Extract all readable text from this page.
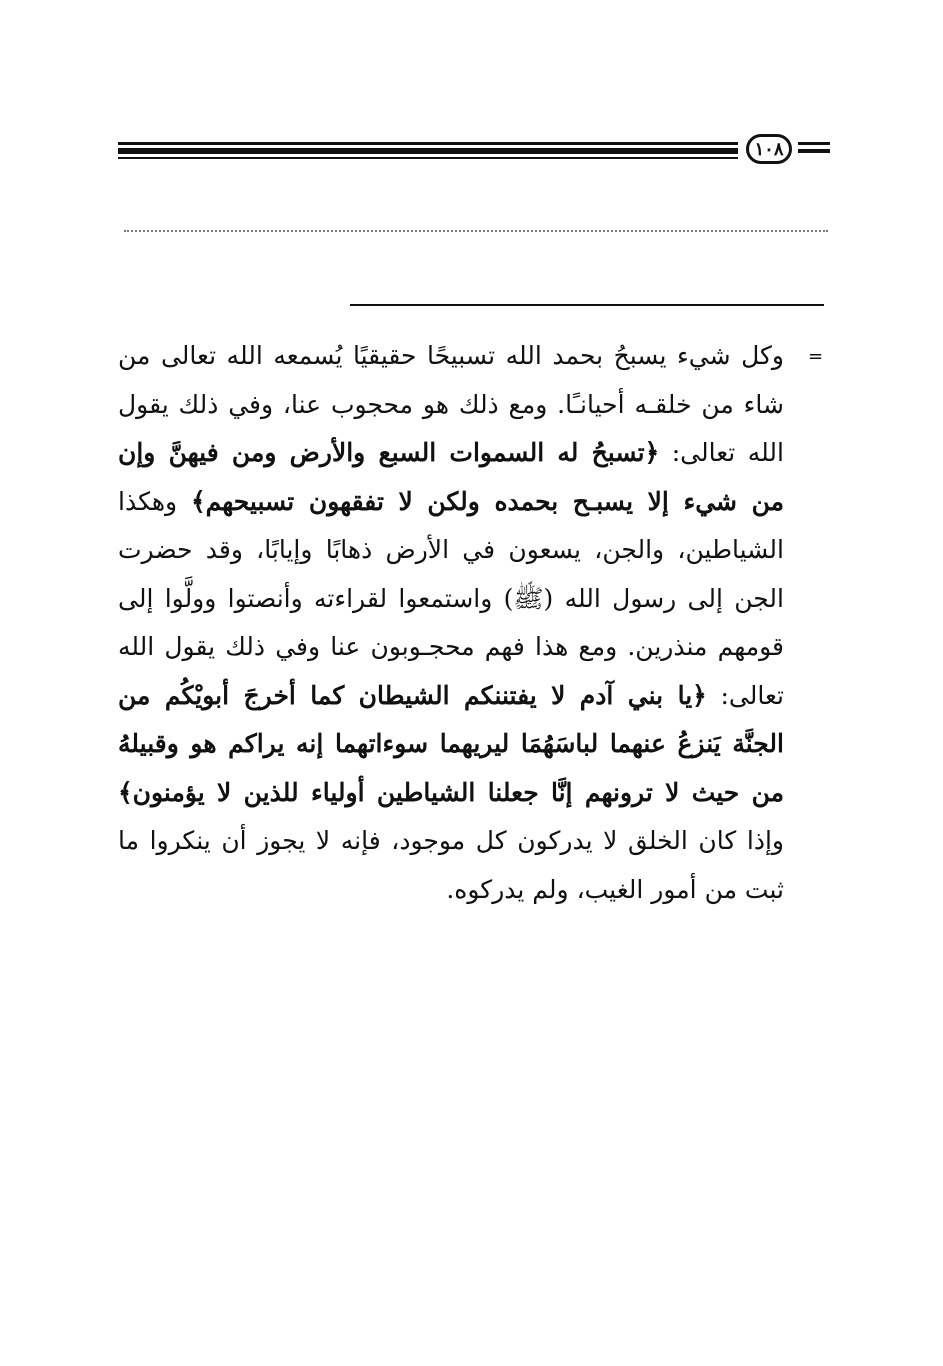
١٠٨
=
وكل شيء يسبحُ بحمد الله تسبيحًا حقيقيًا يُسمعه الله تعالى من شاء من خلقـه أحيانـًا. ومع ذلك هو محجوب عنا، وفي ذلك يقول الله تعالى: ﴿تسبحُ له السموات السبع والأرض ومن فيهنَّ وإن من شيء إلا يسبـح بحمده ولكن لا تفقهون تسبيحهم﴾ وهكذا الشياطين، والجن، يسعون في الأرض ذهابًا وإيابًا، وقد حضرت الجن إلى رسول الله (ﷺ) واستمعوا لقراءته وأنصتوا وولَّوا إلى قومهم منذرين. ومع هذا فهم محجـوبون عنا وفي ذلك يقول الله تعالى: ﴿يا بني آدم لا يفتننكم الشيطان كما أخرجَ أبويْكُم من الجنَّة يَنزعُ عنهما لباسَهُمَا ليريهما سوءاتهما إنه يراكم هو وقبيلهُ من حيث لا ترونهم إنَّا جعلنا الشياطين أولياء للذين لا يؤمنون﴾ وإذا كان الخلق لا يدركون كل موجود، فإنه لا يجوز أن ينكروا ما ثبت من أمور الغيب، ولم يدركوه.
